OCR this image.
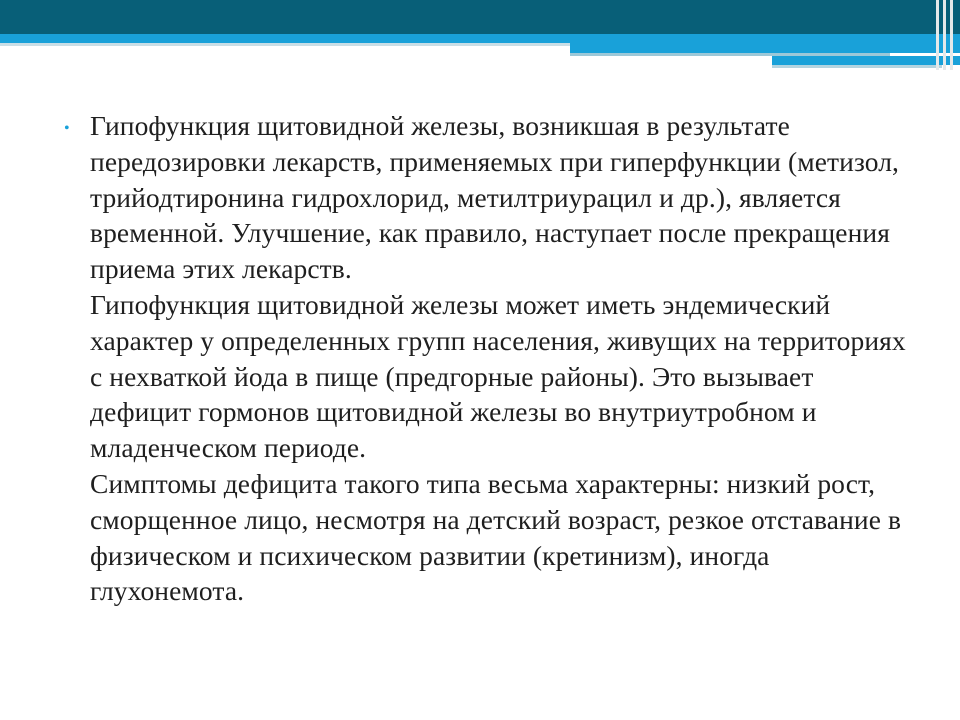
• Гипофункция щитовидной железы, возникшая в результате передозировки лекарств, применяемых при гиперфункции (метизол, трийодтиронина гидрохлорид, метилтриурацил и др.), является временной. Улучшение, как правило, наступает после прекращения приема этих лекарств.

Гипофункция щитовидной железы может иметь эндемический характер у определенных групп населения, живущих на территориях с нехваткой йода в пище (предгорные районы). Это вызывает дефицит гормонов щитовидной железы во внутриутробном и младенческом периоде.

Симптомы дефицита такого типа весьма характерны: низкий рост, сморщенное лицо, несмотря на детский возраст, резкое отставание в физическом и психическом развитии (кретинизм), иногда глухонемота.
